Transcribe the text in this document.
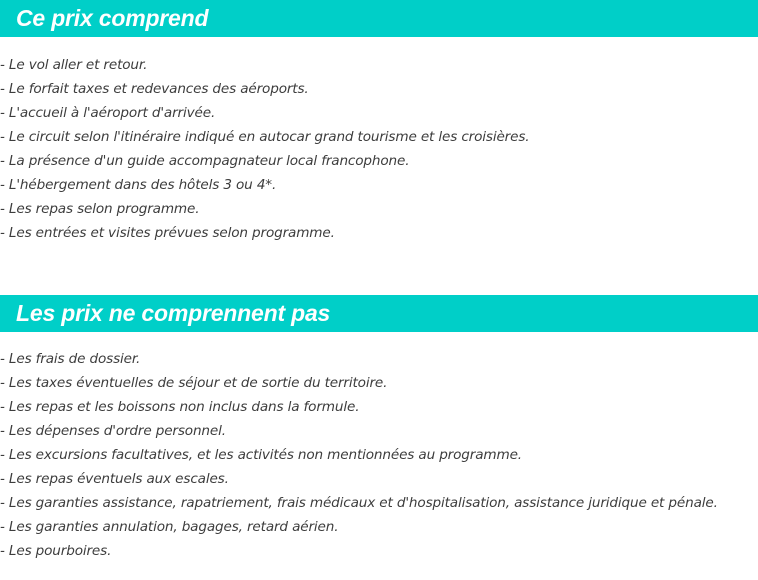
Ce prix comprend
- Le vol aller et retour.
- Le forfait taxes et redevances des aéroports.
- L'accueil à l'aéroport d'arrivée.
- Le circuit selon l'itinéraire indiqué en autocar grand tourisme et les croisières.
- La présence d'un guide accompagnateur local francophone.
- L'hébergement dans des hôtels 3 ou 4*.
- Les repas selon programme.
- Les entrées et visites prévues selon programme.
Les prix ne comprennent pas
- Les frais de dossier.
- Les taxes éventuelles de séjour et de sortie du territoire.
- Les repas et les boissons non inclus dans la formule.
- Les dépenses d'ordre personnel.
- Les excursions facultatives, et les activités non mentionnées au programme.
- Les repas éventuels aux escales.
- Les garanties assistance, rapatriement, frais médicaux et d'hospitalisation, assistance juridique et pénale.
- Les garanties annulation, bagages, retard aérien.
- Les pourboires.
